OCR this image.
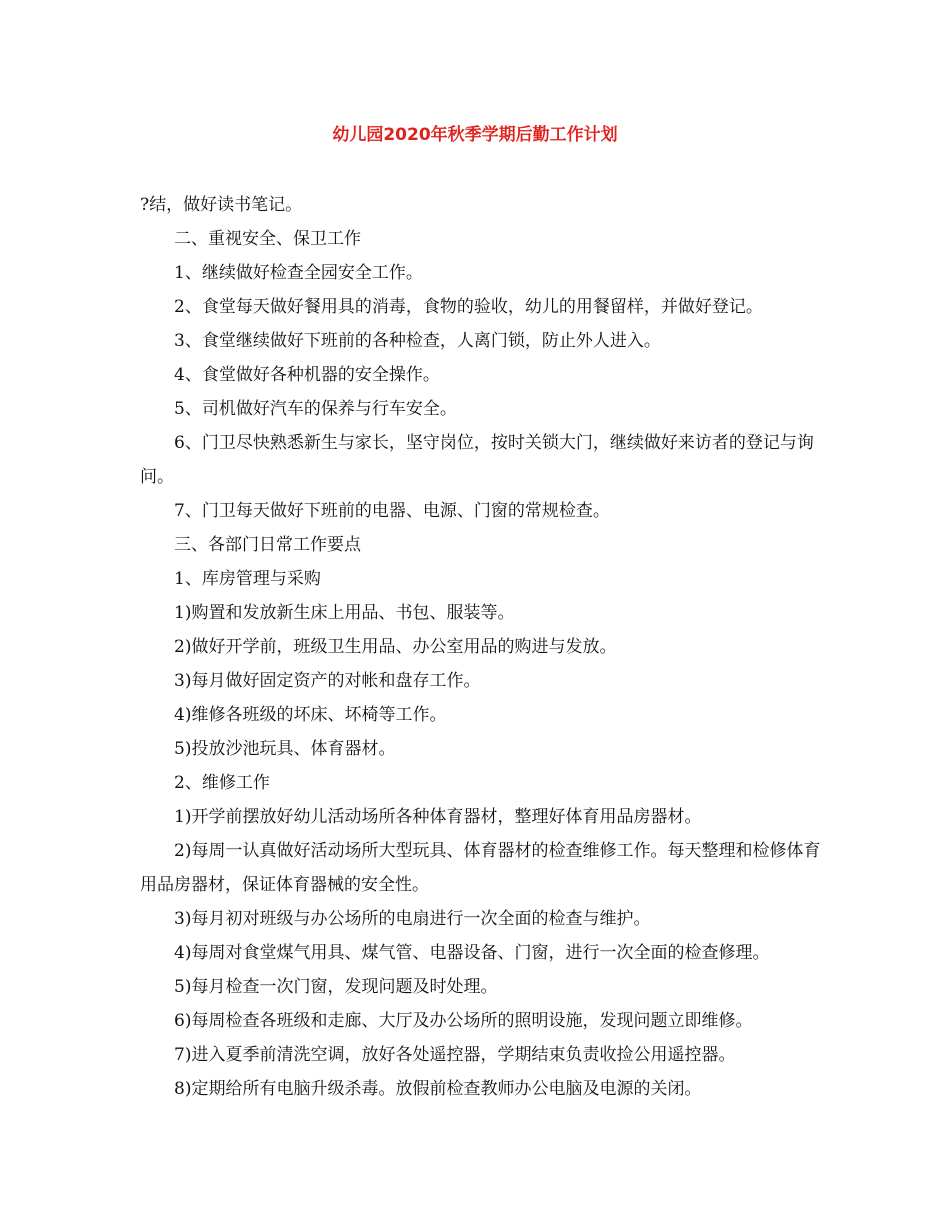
幼儿园2020年秋季学期后勤工作计划

?结，做好读书笔记。

二、重视安全、保卫工作

1、继续做好检查全园安全工作。

2、食堂每天做好餐用具的消毒，食物的验收，幼儿的用餐留样，并做好登记。

3、食堂继续做好下班前的各种检查，人离门锁，防止外人进入。

4、食堂做好各种机器的安全操作。

5、司机做好汽车的保养与行车安全。

6、门卫尽快熟悉新生与家长，坚守岗位，按时关锁大门，继续做好来访者的登记与询问。

7、门卫每天做好下班前的电器、电源、门窗的常规检查。

三、各部门日常工作要点

1、库房管理与采购

1)购置和发放新生床上用品、书包、服装等。

2)做好开学前，班级卫生用品、办公室用品的购进与发放。

3)每月做好固定资产的对帐和盘存工作。

4)维修各班级的坏床、坏椅等工作。

5)投放沙池玩具、体育器材。

2、维修工作

1)开学前摆放好幼儿活动场所各种体育器材，整理好体育用品房器材。

2)每周一认真做好活动场所大型玩具、体育器材的检查维修工作。每天整理和检修体育用品房器材，保证体育器械的安全性。

3)每月初对班级与办公场所的电扇进行一次全面的检查与维护。

4)每周对食堂煤气用具、煤气管、电器设备、门窗，进行一次全面的检查修理。

5)每月检查一次门窗，发现问题及时处理。

6)每周检查各班级和走廊、大厅及办公场所的照明设施，发现问题立即维修。

7)进入夏季前清洗空调，放好各处遥控器，学期结束负责收捡公用遥控器。

8)定期给所有电脑升级杀毒。放假前检查教师办公电脑及电源的关闭。
